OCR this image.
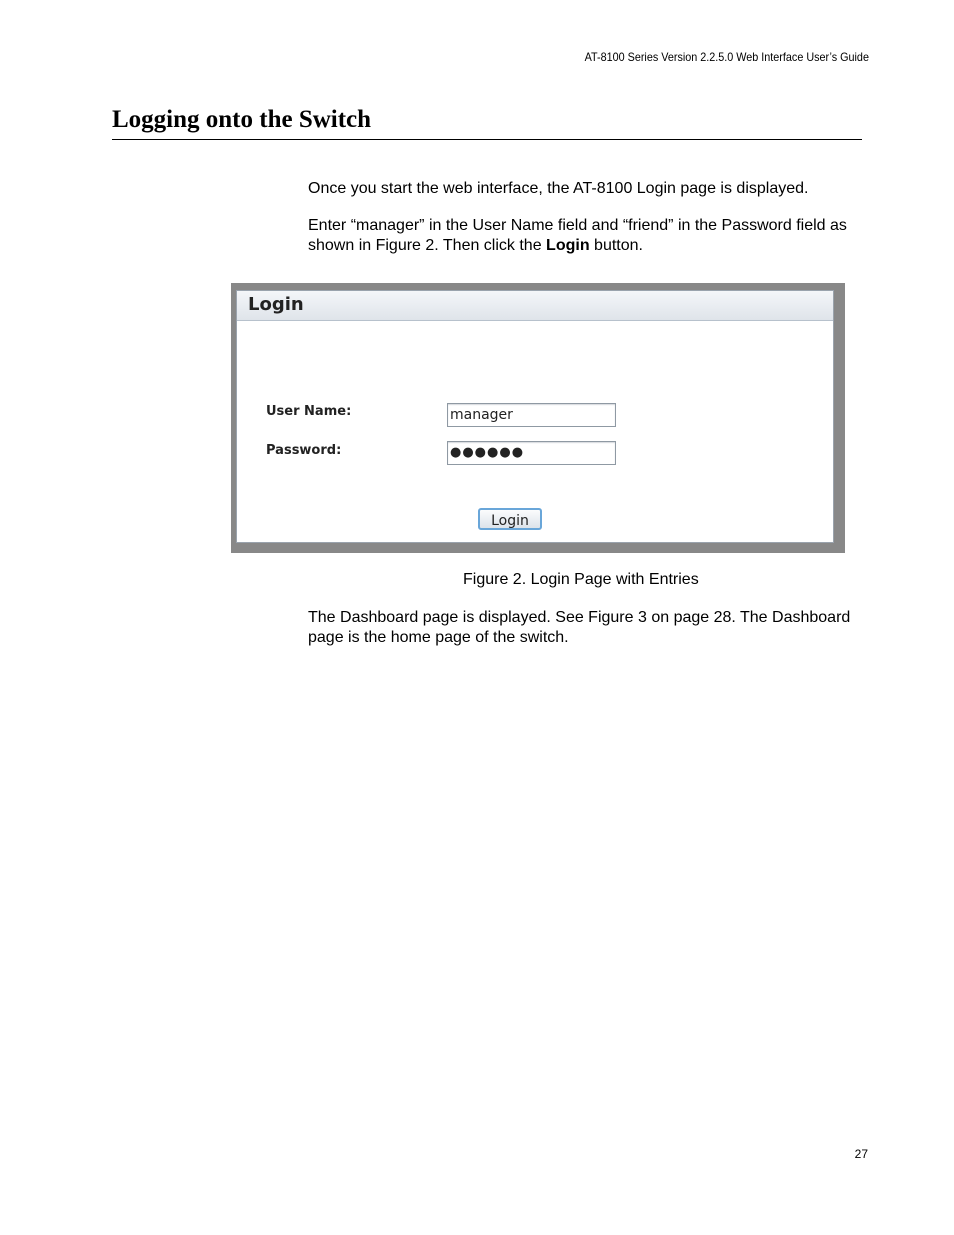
AT-8100 Series Version 2.2.5.0 Web Interface User’s Guide
Logging onto the Switch

Once you start the web interface, the AT-8100 Login page is displayed.

Enter “manager” in the User Name field and “friend” in the Password field as shown in Figure 2. Then click the Login button.

Login
User Name:	manager
Password:	●●●●●●
Login

Figure 2. Login Page with Entries

The Dashboard page is displayed. See Figure 3 on page 28. The Dashboard page is the home page of the switch.

27
